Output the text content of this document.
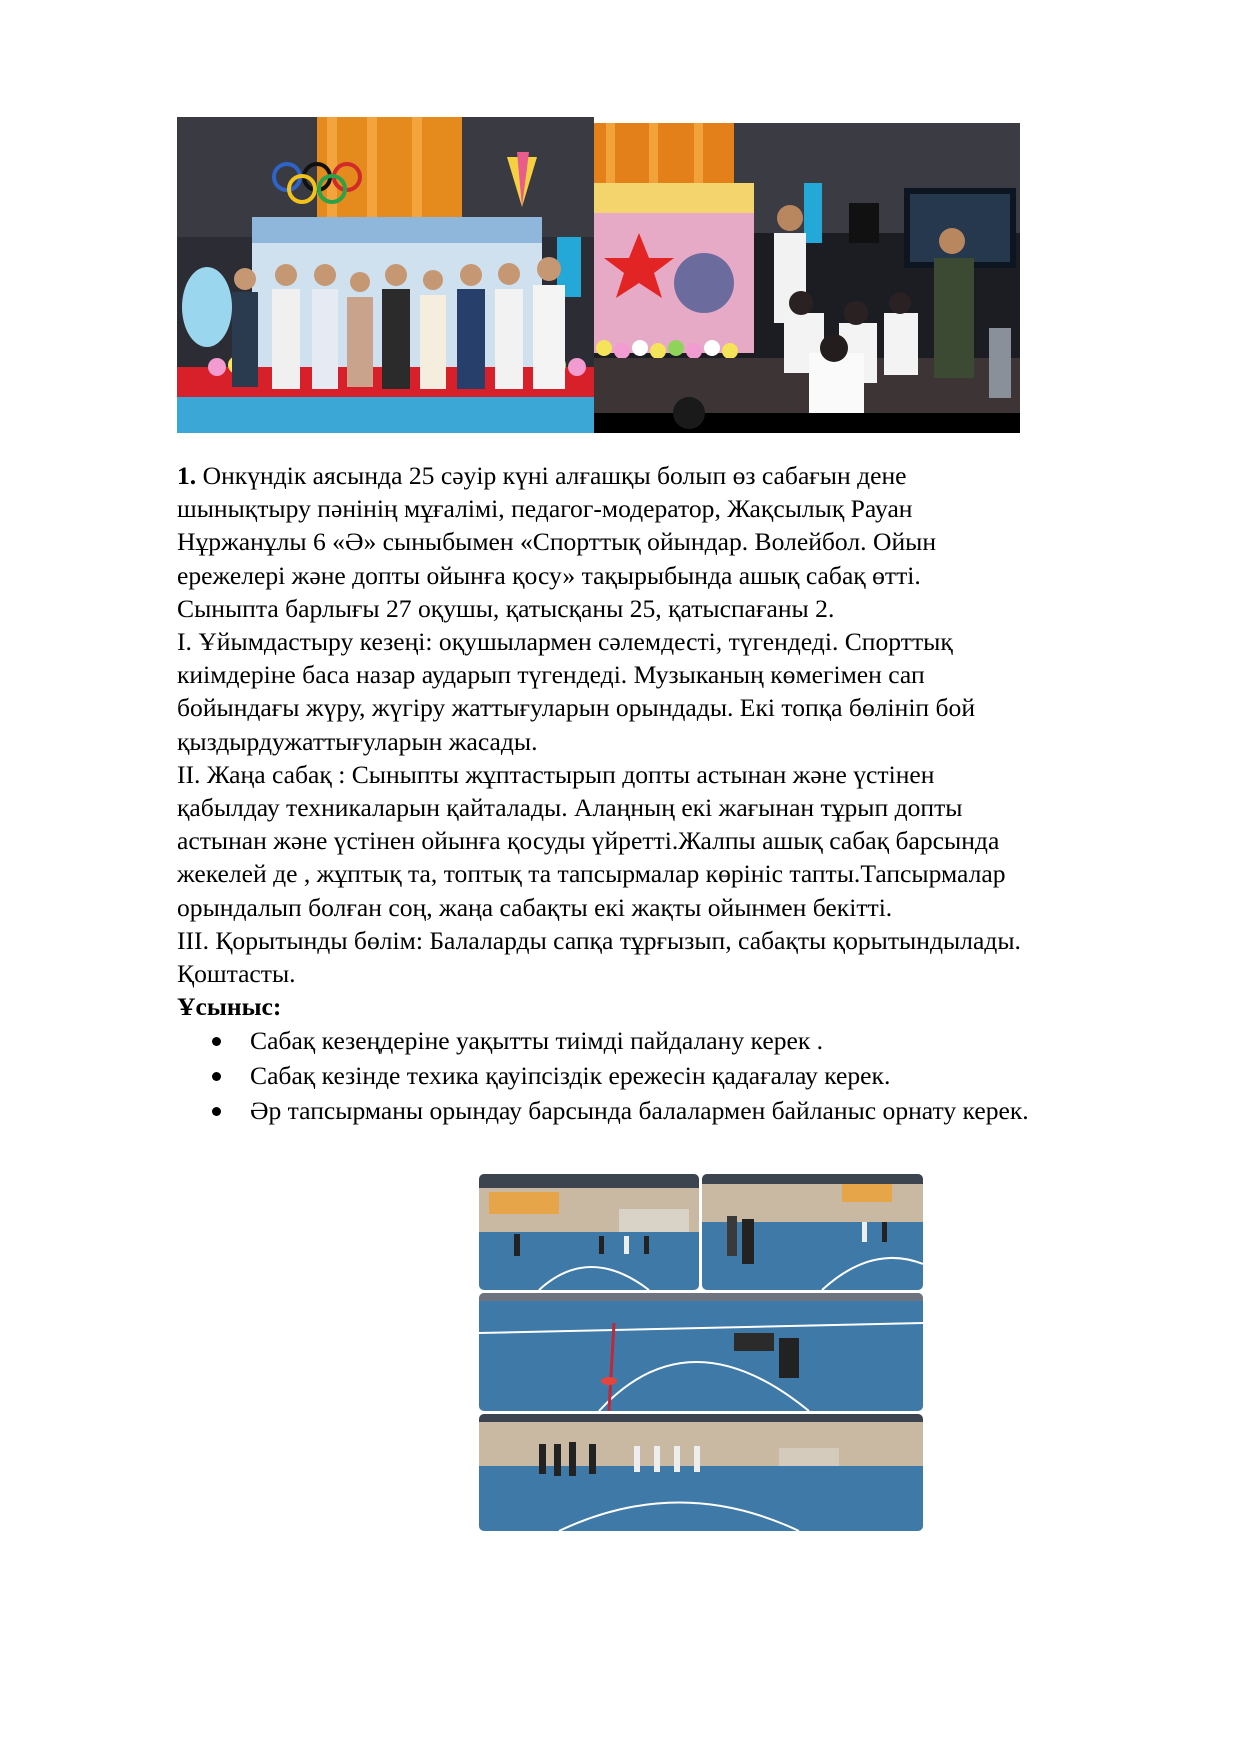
1. Онкүндік аясында 25 сәуір күні алғашқы болып өз сабағын дене

шынықтыру пәнінің мұғалімі, педагог-модератор, Жақсылық Рауан

Нұржанұлы 6 «Ә» сыныбымен «Спорттық ойындар. Волейбол. Ойын

ережелері және допты ойынға қосу» тақырыбында ашық сабақ өтті.

Сыныпта барлығы 27 оқушы, қатысқаны 25, қатыспағаны 2.

I. Ұйымдастыру кезеңі: оқушылармен сәлемдесті, түгендеді. Спорттық

киімдеріне баса назар аударып түгендеді. Музыканың көмегімен сап

бойындағы жүру, жүгіру жаттығуларын орындады. Екі топқа бөлініп бой

қыздырдужаттығуларын жасады.

II. Жаңа сабақ : Сыныпты жұптастырып допты астынан және үстінен

қабылдау техникаларын қайталады. Алаңның екі жағынан тұрып допты

астынан және үстінен ойынға қосуды үйретті.Жалпы ашық сабақ барсында

жекелей де , жұптық та, топтық та тапсырмалар көрініс тапты.Тапсырмалар

орындалып болған соң, жаңа сабақты екі жақты ойынмен бекітті.

III. Қорытынды бөлім: Балаларды сапқа тұрғызып, сабақты қорытындылады.

Қоштасты.

Ұсыныс:

Сабақ кезеңдеріне уақытты тиімді пайдалану керек .
Сабақ кезінде техика қауіпсіздік ережесін қадағалау керек.
Әр тапсырманы орындау барсында балалармен байланыс орнату керек.
